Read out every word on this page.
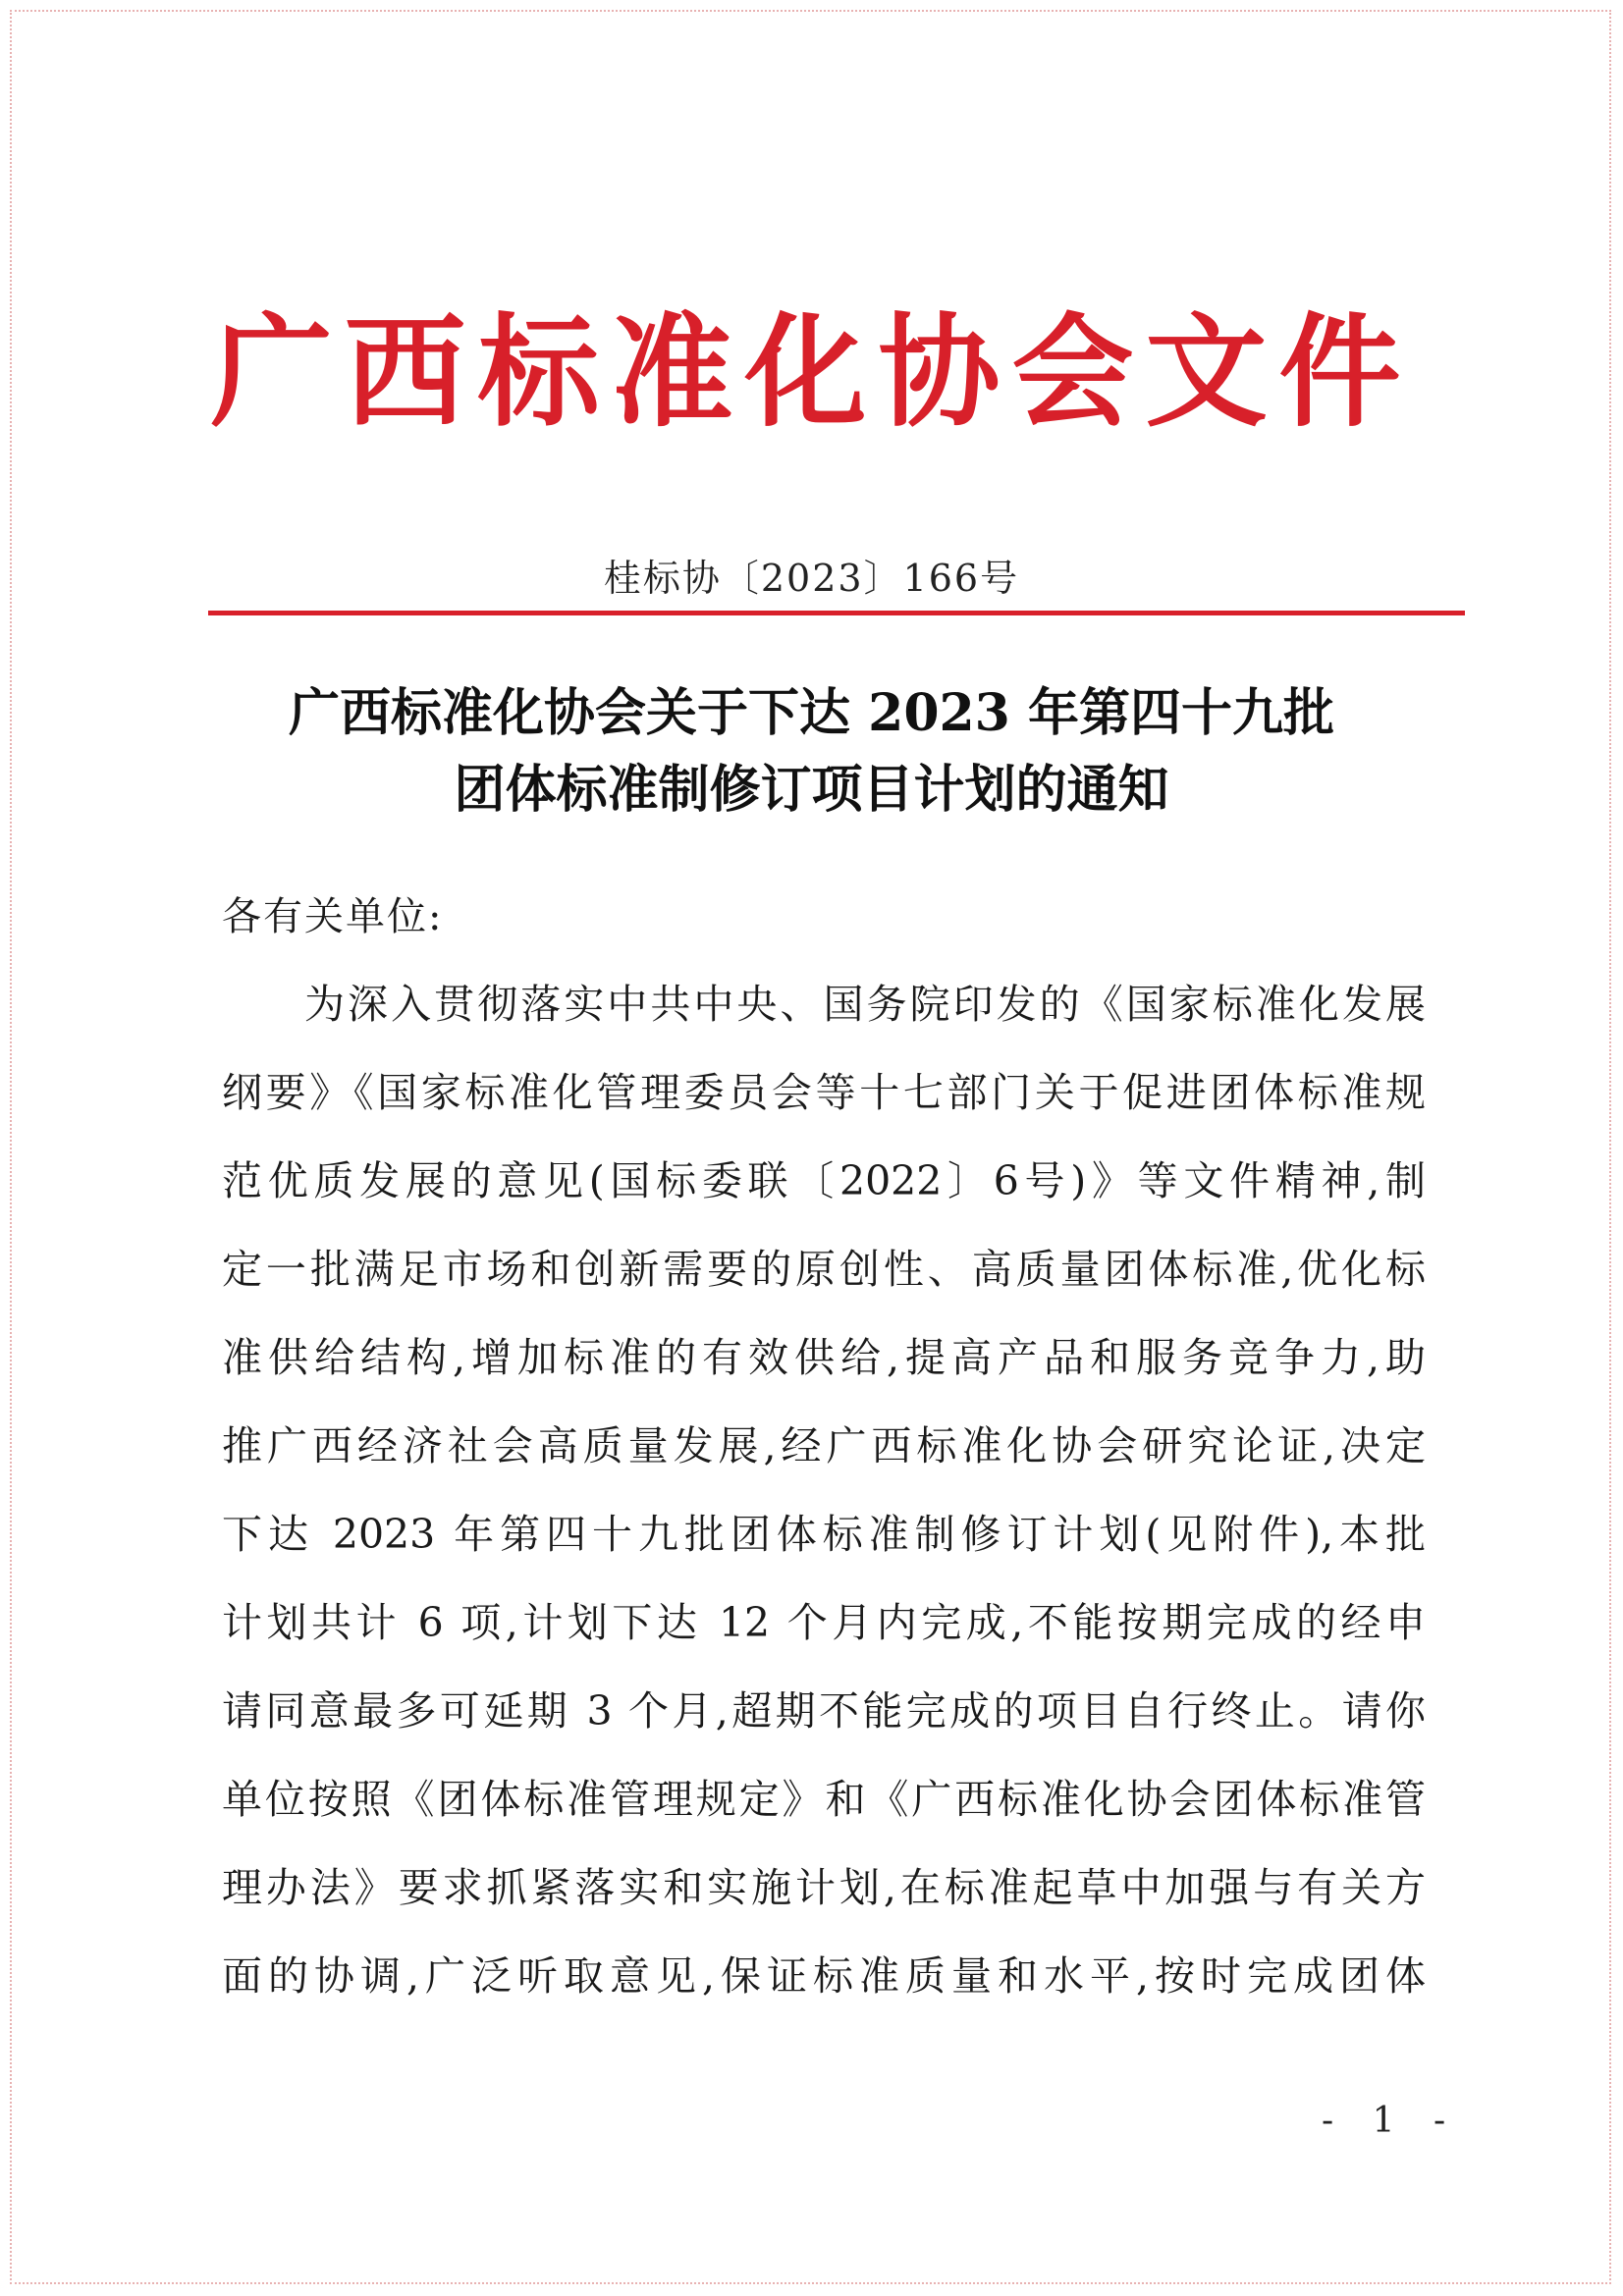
广西标准化协会文件
桂标协〔2023〕166号
广西标准化协会关于下达 2023 年第四十九批
团体标准制修订项目计划的通知
各有关单位:
为深入贯彻落实中共中央、国务院印发的《国家标准化发展
纲要》《国家标准化管理委员会等十七部门关于促进团体标准规
范优质发展的意见(国标委联〔2022〕6号)》等文件精神,制
定一批满足市场和创新需要的原创性、高质量团体标准,优化标
准供给结构,增加标准的有效供给,提高产品和服务竞争力,助
推广西经济社会高质量发展,经广西标准化协会研究论证,决定
下达 2023 年第四十九批团体标准制修订计划(见附件),本批
计划共计 6 项,计划下达 12 个月内完成,不能按期完成的经申
请同意最多可延期 3 个月,超期不能完成的项目自行终止。请你
单位按照《团体标准管理规定》和《广西标准化协会团体标准管
理办法》要求抓紧落实和实施计划,在标准起草中加强与有关方
面的协调,广泛听取意见,保证标准质量和水平,按时完成团体
- 1 -
